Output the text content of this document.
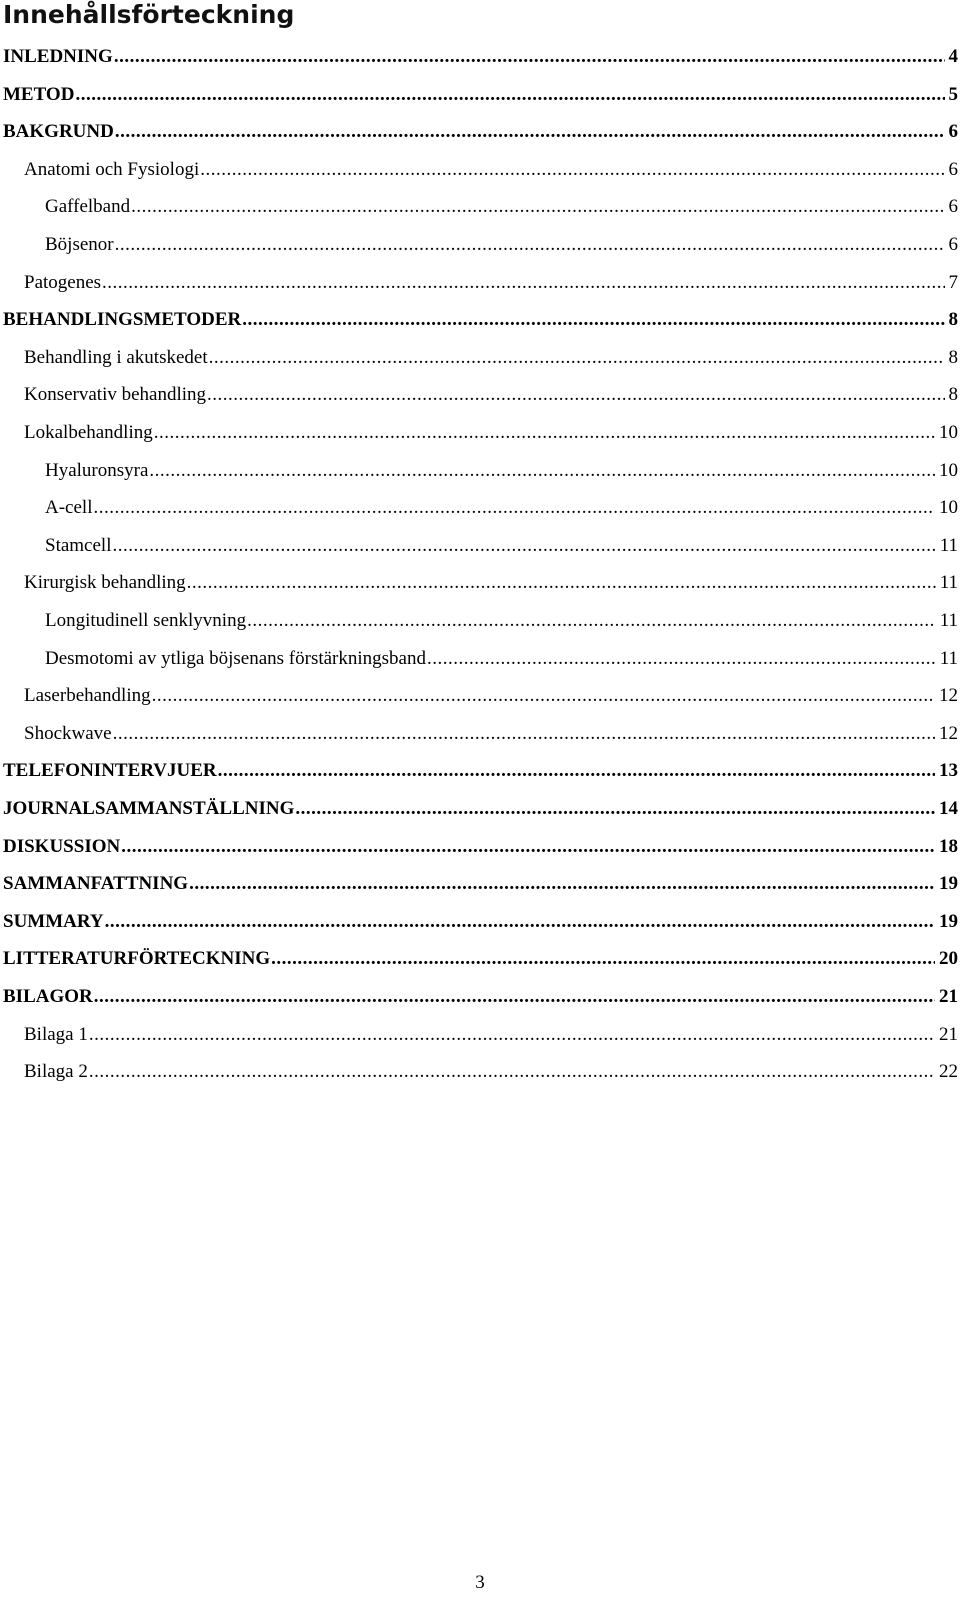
Innehållsförteckning
INLEDNING .....	4
METOD .....	5
BAKGRUND .....	6
Anatomi och Fysiologi .....	6
Gaffelband .....	6
Böjsenor .....	6
Patogenes .....	7
BEHANDLINGSMETODER .....	8
Behandling i akutskedet .....	8
Konservativ behandling .....	8
Lokalbehandling .....	10
Hyaluronsyra .....	10
A-cell .....	10
Stamcell .....	11
Kirurgisk behandling .....	11
Longitudinell senklyvning .....	11
Desmotomi av ytliga böjsenans förstärkningsband .....	11
Laserbehandling .....	12
Shockwave .....	12
TELEFONINTERVJUER .....	13
JOURNALSAMMANSTÄLLNING .....	14
DISKUSSION .....	18
SAMMANFATTNING .....	19
SUMMARY .....	19
LITTERATURFÖRTECKNING .....	20
BILAGOR .....	21
Bilaga 1 .....	21
Bilaga 2 .....	22
3
